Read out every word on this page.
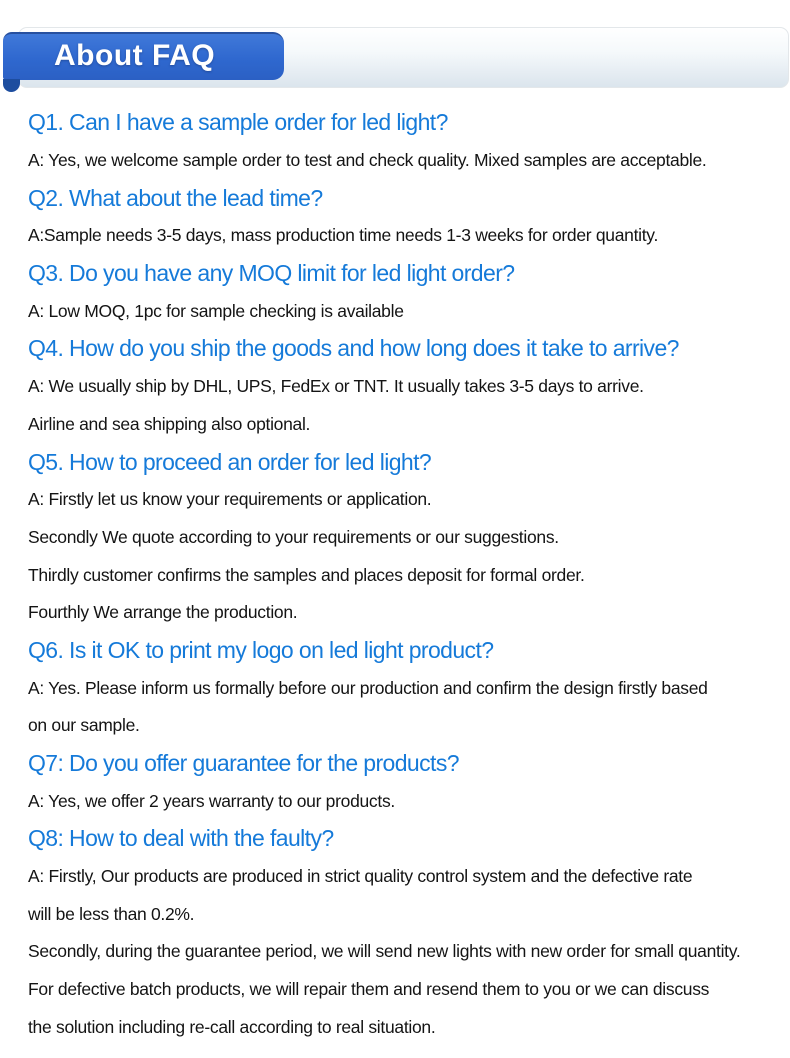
About FAQ
Q1. Can I have a sample order for led light?

A: Yes, we welcome sample order to test and check quality. Mixed samples are acceptable.

Q2. What about the lead time?

A:Sample needs 3-5 days, mass production time needs 1-3 weeks for order quantity.

Q3. Do you have any MOQ limit for led light order?

A: Low MOQ, 1pc for sample checking is available

Q4. How do you ship the goods and how long does it take to arrive?

A: We usually ship by DHL, UPS, FedEx or TNT. It usually takes 3-5 days to arrive.

Airline and sea shipping also optional.

Q5. How to proceed an order for led light?

A: Firstly let us know your requirements or application.

Secondly We quote according to your requirements or our suggestions.

Thirdly customer confirms the samples and places deposit for formal order.

Fourthly We arrange the production.

Q6. Is it OK to print my logo on led light product?

A: Yes. Please inform us formally before our production and confirm the design firstly based

on our sample.

Q7: Do you offer guarantee for the products?

A: Yes, we offer 2 years warranty to our products.

Q8: How to deal with the faulty?

A: Firstly, Our products are produced in strict quality control system and the defective rate

will be less than 0.2%.

Secondly, during the guarantee period, we will send new lights with new order for small quantity.

For defective batch products, we will repair them and resend them to you or we can discuss

the solution including re-call according to real situation.
